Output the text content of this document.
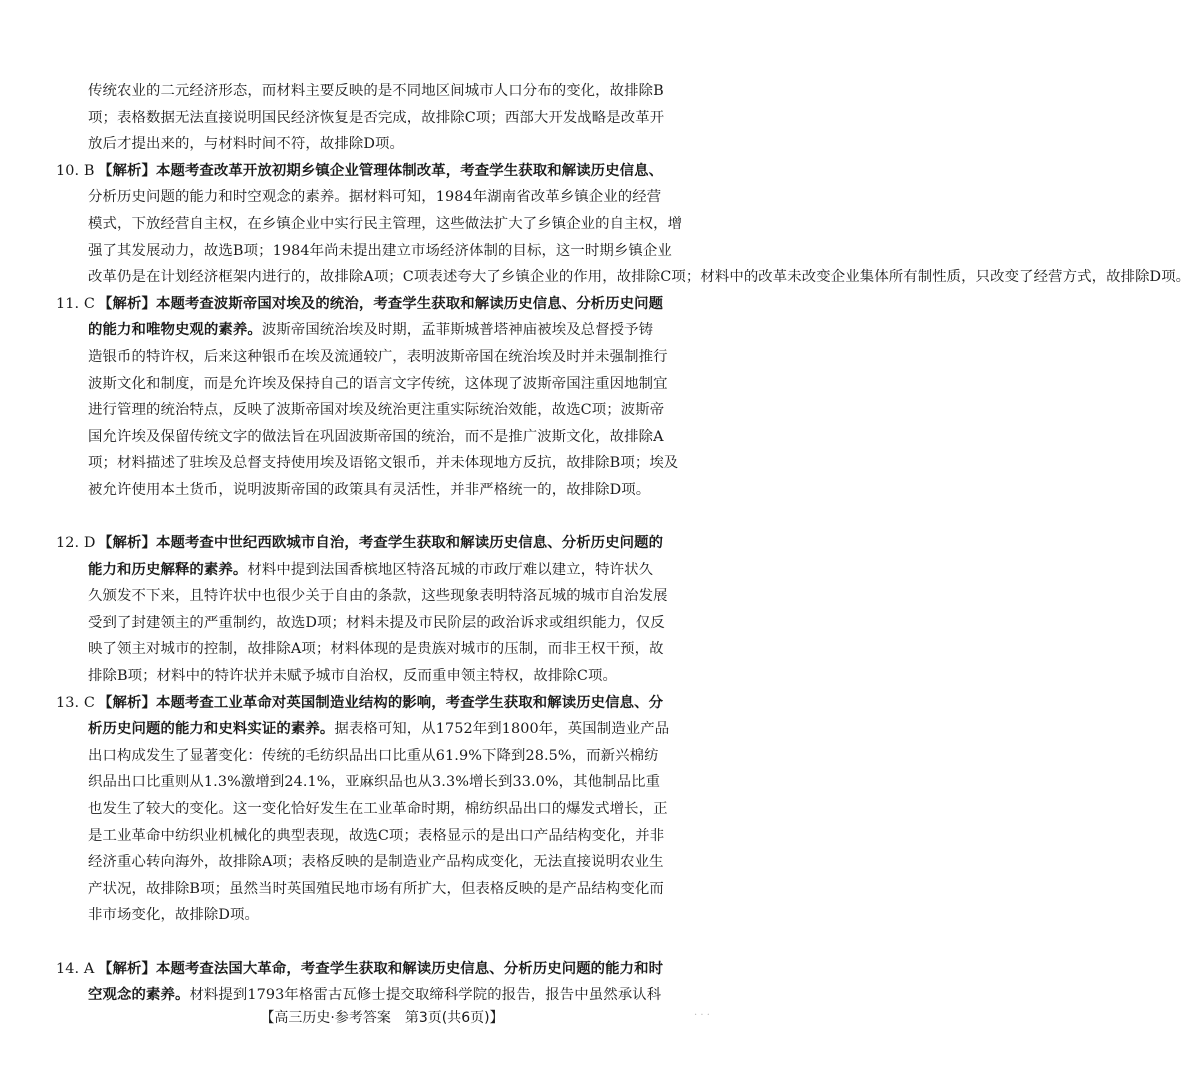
传统农业的二元经济形态，而材料主要反映的是不同地区间城市人口分布的变化，故排除B
项；表格数据无法直接说明国民经济恢复是否完成，故排除C项；西部大开发战略是改革开
放后才提出来的，与材料时间不符，故排除D项。
10. B 【解析】本题考查改革开放初期乡镇企业管理体制改革，考查学生获取和解读历史信息、
分析历史问题的能力和时空观念的素养。据材料可知，1984年湖南省改革乡镇企业的经营
模式，下放经营自主权，在乡镇企业中实行民主管理，这些做法扩大了乡镇企业的自主权，增
强了其发展动力，故选B项；1984年尚未提出建立市场经济体制的目标，这一时期乡镇企业
改革仍是在计划经济框架内进行的，故排除A项；C项表述夸大了乡镇企业的作用，故排除C项；材料中的改革未改变企业集体所有制性质，只改变了经营方式，故排除D项。
11. C 【解析】本题考查波斯帝国对埃及的统治，考查学生获取和解读历史信息、分析历史问题
的能力和唯物史观的素养。波斯帝国统治埃及时期，孟菲斯城普塔神庙被埃及总督授予铸
造银币的特许权，后来这种银币在埃及流通较广，表明波斯帝国在统治埃及时并未强制推行
波斯文化和制度，而是允许埃及保持自己的语言文字传统，这体现了波斯帝国注重因地制宜
进行管理的统治特点，反映了波斯帝国对埃及统治更注重实际统治效能，故选C项；波斯帝
国允许埃及保留传统文字的做法旨在巩固波斯帝国的统治，而不是推广波斯文化，故排除A
项；材料描述了驻埃及总督支持使用埃及语铭文银币，并未体现地方反抗，故排除B项；埃及
被允许使用本土货币，说明波斯帝国的政策具有灵活性，并非严格统一的，故排除D项。
12. D 【解析】本题考查中世纪西欧城市自治，考查学生获取和解读历史信息、分析历史问题的
能力和历史解释的素养。材料中提到法国香槟地区特洛瓦城的市政厅难以建立，特许状久
久颁发不下来，且特许状中也很少关于自由的条款，这些现象表明特洛瓦城的城市自治发展
受到了封建领主的严重制约，故选D项；材料未提及市民阶层的政治诉求或组织能力，仅反
映了领主对城市的控制，故排除A项；材料体现的是贵族对城市的压制，而非王权干预，故
排除B项；材料中的特许状并未赋予城市自治权，反而重申领主特权，故排除C项。
13. C 【解析】本题考查工业革命对英国制造业结构的影响，考查学生获取和解读历史信息、分
析历史问题的能力和史料实证的素养。据表格可知，从1752年到1800年，英国制造业产品
出口构成发生了显著变化：传统的毛纺织品出口比重从61.9%下降到28.5%，而新兴棉纺
织品出口比重则从1.3%激增到24.1%，亚麻织品也从3.3%增长到33.0%，其他制品比重
也发生了较大的变化。这一变化恰好发生在工业革命时期，棉纺织品出口的爆发式增长，正
是工业革命中纺织业机械化的典型表现，故选C项；表格显示的是出口产品结构变化，并非
经济重心转向海外，故排除A项；表格反映的是制造业产品构成变化，无法直接说明农业生
产状况，故排除B项；虽然当时英国殖民地市场有所扩大，但表格反映的是产品结构变化而
非市场变化，故排除D项。
14. A 【解析】本题考查法国大革命，考查学生获取和解读历史信息、分析历史问题的能力和时
空观念的素养。材料提到1793年格雷古瓦修士提交取缔科学院的报告，报告中虽然承认科
【高三历史·参考答案　第3页(共6页)】	· · ·
